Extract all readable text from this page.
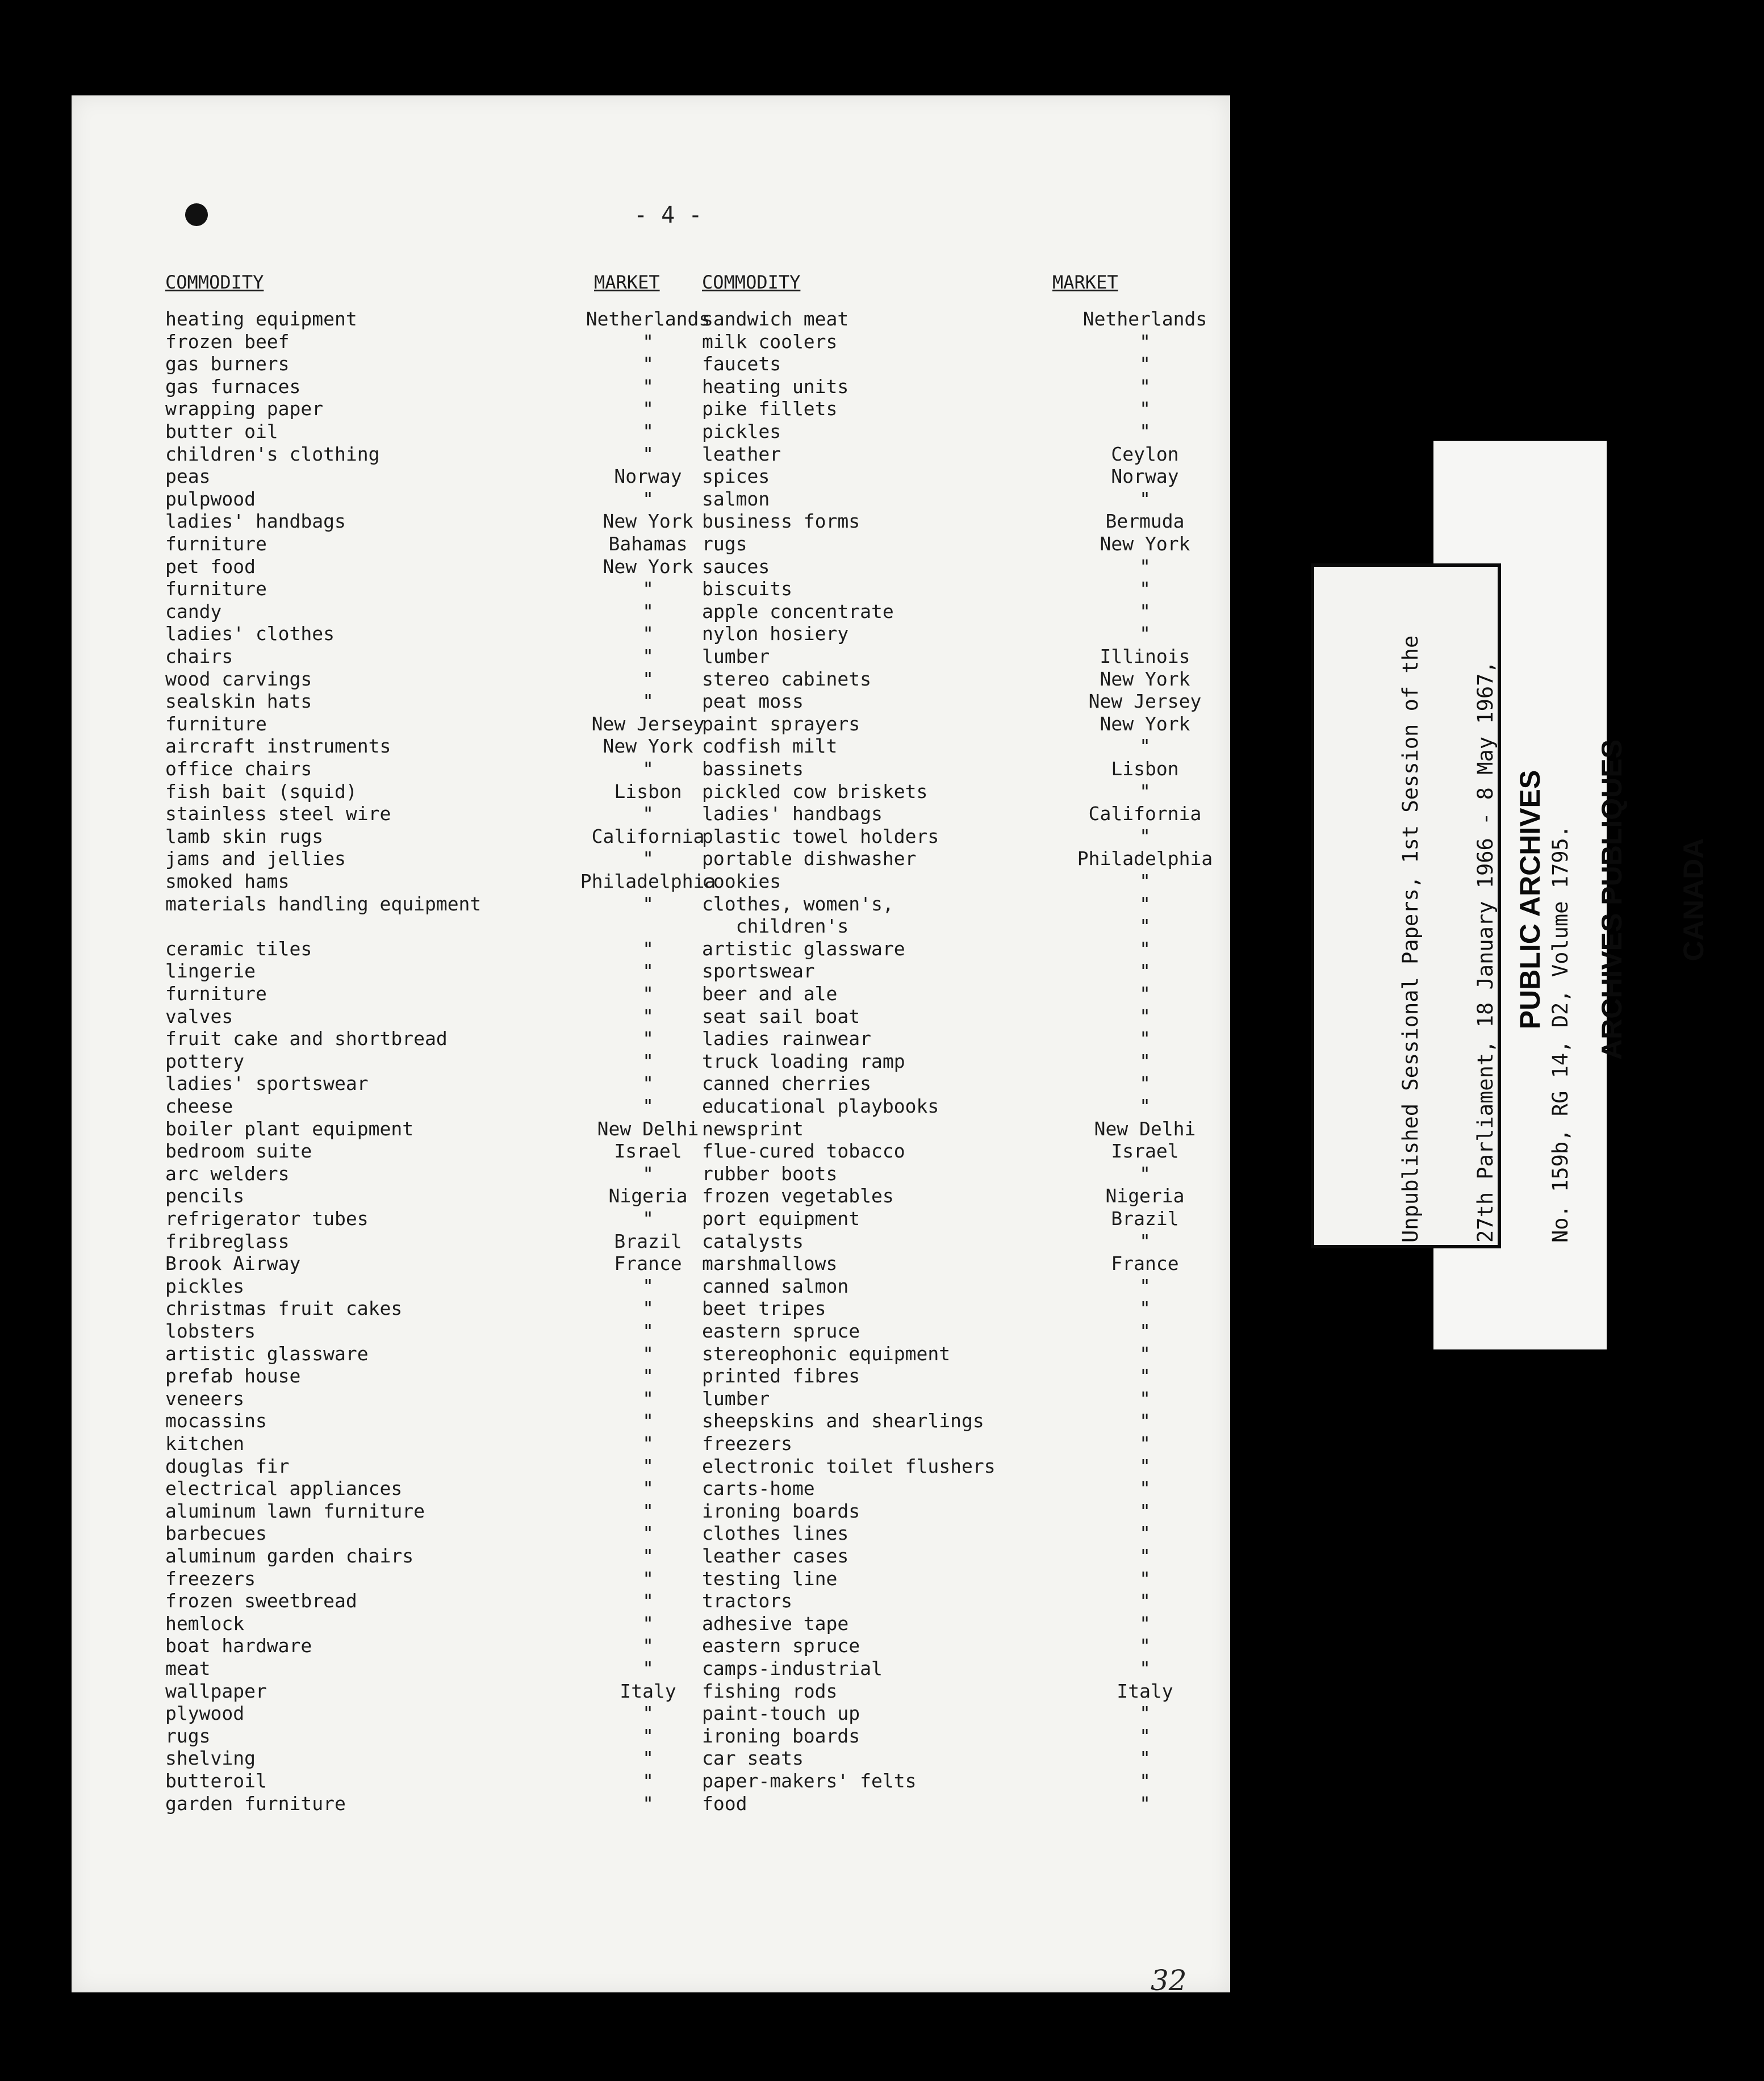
- 4 -
COMMODITY	MARKET
heating equipment	Netherlands
frozen beef	"
gas burners	"
gas furnaces	"
wrapping paper	"
butter oil	"
children's clothing	"
peas	Norway
pulpwood	"
ladies' handbags	New York
furniture	Bahamas
pet food	New York
furniture	"
candy	"
ladies' clothes	"
chairs	"
wood carvings	"
sealskin hats	"
furniture	New Jersey
aircraft instruments	New York
office chairs	"
fish bait (squid)	Lisbon
stainless steel wire	"
lamb skin rugs	California
jams and jellies	"
smoked hams	Philadelphia
materials handling equipment	"
ceramic tiles	"
lingerie	"
furniture	"
valves	"
fruit cake and shortbread	"
pottery	"
ladies' sportswear	"
cheese	"
boiler plant equipment	New Delhi
bedroom suite	Israel
arc welders	"
pencils	Nigeria
refrigerator tubes	"
fribreglass	Brazil
Brook Airway	France
pickles	"
christmas fruit cakes	"
lobsters	"
artistic glassware	"
prefab house	"
veneers	"
mocassins	"
kitchen	"
douglas fir	"
electrical appliances	"
aluminum lawn furniture	"
barbecues	"
aluminum garden chairs	"
freezers	"
frozen sweetbread	"
hemlock	"
boat hardware	"
meat	"
wallpaper	Italy
plywood	"
rugs	"
shelving	"
butteroil	"
garden furniture	"
COMMODITY	MARKET
sandwich meat	Netherlands
milk coolers	"
faucets	"
heating units	"
pike fillets	"
pickles	"
leather	Ceylon
spices	Norway
salmon	"
business forms	Bermuda
rugs	New York
sauces	"
biscuits	"
apple concentrate	"
nylon hosiery	"
lumber	Illinois
stereo cabinets	New York
peat moss	New Jersey
paint sprayers	New York
codfish milt	"
bassinets	Lisbon
pickled cow briskets	"
ladies' handbags	California
plastic towel holders	"
portable dishwasher	Philadelphia
cookies	"
clothes, women's,	"
children's	"
artistic glassware	"
sportswear	"
beer and ale	"
seat sail boat	"
ladies rainwear	"
truck loading ramp	"
canned cherries	"
educational playbooks	"
newsprint	New Delhi
flue-cured tobacco	Israel
rubber boots	"
frozen vegetables	Nigeria
port equipment	Brazil
catalysts	"
marshmallows	France
canned salmon	"
beet tripes	"
eastern spruce	"
stereophonic equipment	"
printed fibres	"
lumber	"
sheepskins and shearlings	"
freezers	"
electronic toilet flushers	"
carts-home	"
ironing boards	"
clothes lines	"
leather cases	"
testing line	"
tractors	"
adhesive tape	"
eastern spruce	"
camps-industrial	"
fishing rods	Italy
paint-touch up	"
ironing boards	"
car seats	"
paper-makers' felts	"
food	"
32

PUBLIC ARCHIVES

ARCHIVES PUBLIQUES

CANADA

Unpublished Sessional Papers, 1st Session of the

27th Parliament, 18 January 1966 - 8 May 1967,

No. 159b, RG 14, D2, Volume 1795.
